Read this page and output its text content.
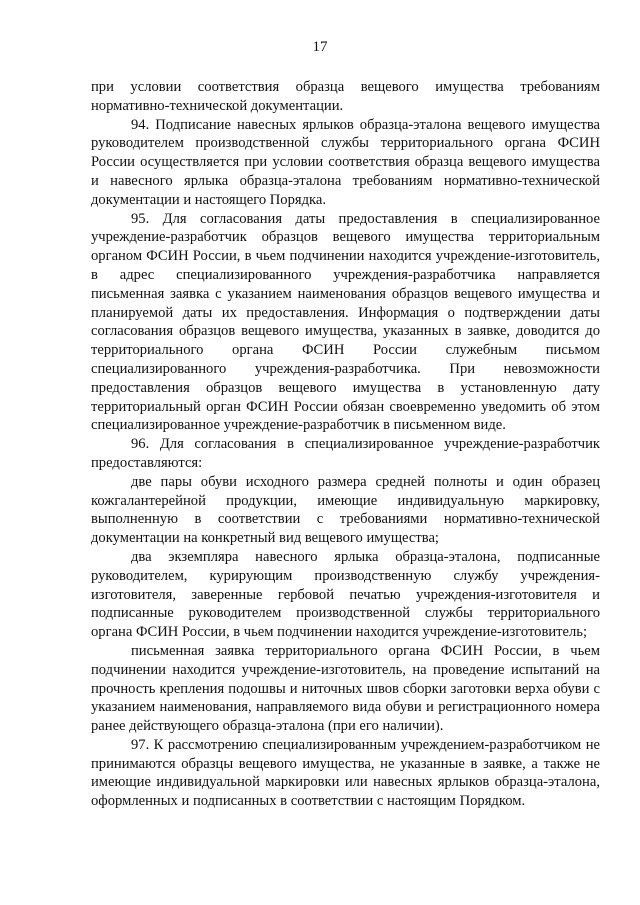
17

при условии соответствия образца вещевого имущества требованиям нормативно-технической документации.

94. Подписание навесных ярлыков образца-эталона вещевого имущества руководителем производственной службы территориального органа ФСИН России осуществляется при условии соответствия образца вещевого имущества и навесного ярлыка образца-эталона требованиям нормативно-технической документации и настоящего Порядка.

95. Для согласования даты предоставления в специализированное учреждение-разработчик образцов вещевого имущества территориальным органом ФСИН России, в чьем подчинении находится учреждение-изготовитель, в адрес специализированного учреждения-разработчика направляется письменная заявка с указанием наименования образцов вещевого имущества и планируемой даты их предоставления. Информация о подтверждении даты согласования образцов вещевого имущества, указанных в заявке, доводится до территориального органа ФСИН России служебным письмом специализированного учреждения-разработчика. При невозможности предоставления образцов вещевого имущества в установленную дату территориальный орган ФСИН России обязан своевременно уведомить об этом специализированное учреждение-разработчик в письменном виде.

96. Для согласования в специализированное учреждение-разработчик предоставляются:

две пары обуви исходного размера средней полноты и один образец кожгалантерейной продукции, имеющие индивидуальную маркировку, выполненную в соответствии с требованиями нормативно-технической документации на конкретный вид вещевого имущества;

два экземпляра навесного ярлыка образца-эталона, подписанные руководителем, курирующим производственную службу учреждения-изготовителя, заверенные гербовой печатью учреждения-изготовителя и подписанные руководителем производственной службы территориального органа ФСИН России, в чьем подчинении находится учреждение-изготовитель;

письменная заявка территориального органа ФСИН России, в чьем подчинении находится учреждение-изготовитель, на проведение испытаний на прочность крепления подошвы и ниточных швов сборки заготовки верха обуви с указанием наименования, направляемого вида обуви и регистрационного номера ранее действующего образца-эталона (при его наличии).

97. К рассмотрению специализированным учреждением-разработчиком не принимаются образцы вещевого имущества, не указанные в заявке, а также не имеющие индивидуальной маркировки или навесных ярлыков образца-эталона, оформленных и подписанных в соответствии с настоящим Порядком.
